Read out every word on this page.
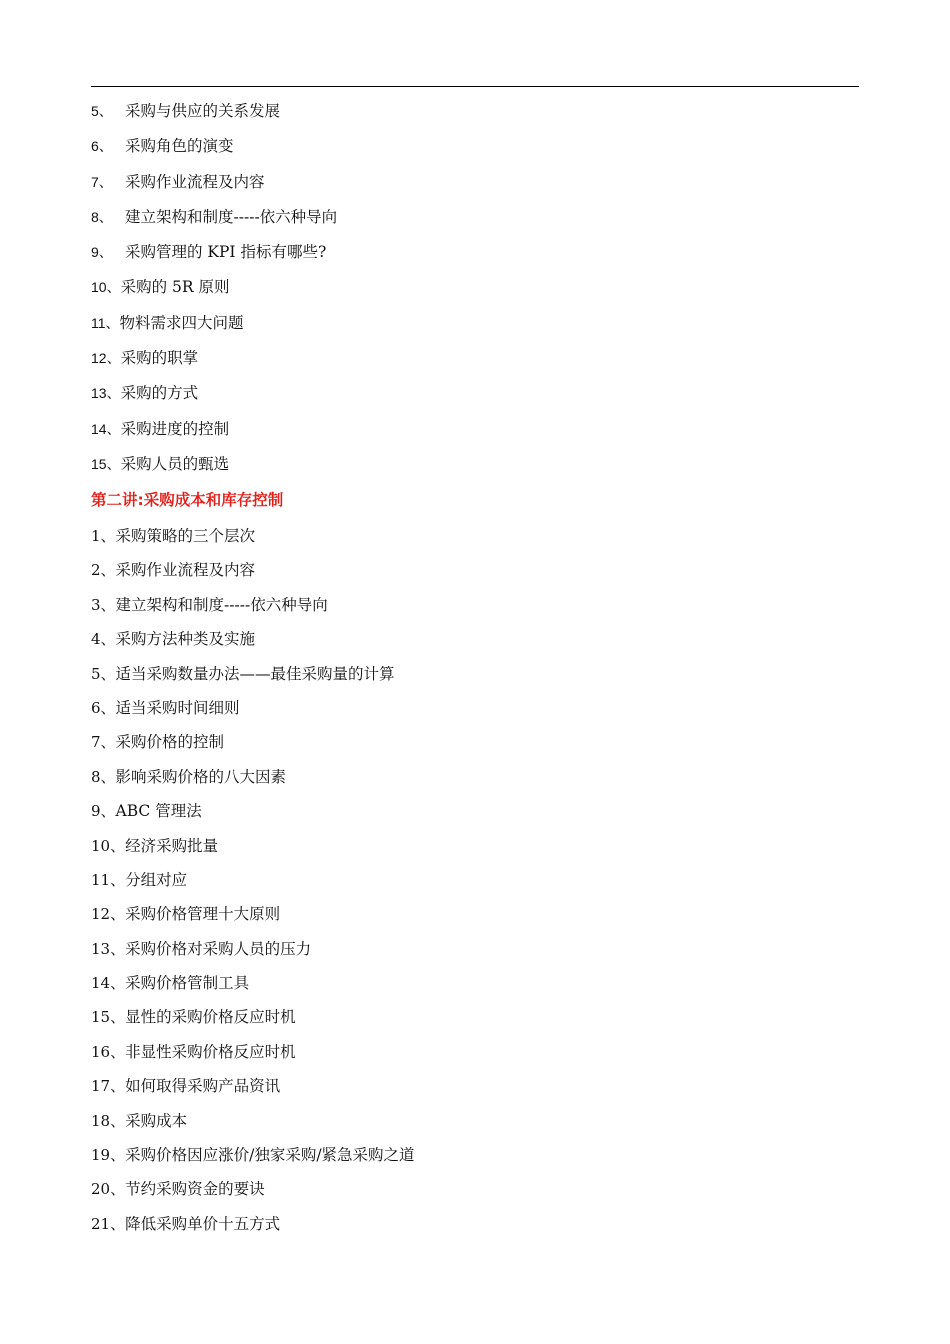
5、 采购与供应的关系发展
6、 采购角色的演变
7、 采购作业流程及内容
8、 建立架构和制度-----依六种导向
9、 采购管理的 KPI 指标有哪些?
10、采购的 5R 原则
11、物料需求四大问题
12、采购的职掌
13、采购的方式
14、采购进度的控制
15、采购人员的甄选
第二讲:采购成本和库存控制
1、采购策略的三个层次
2、采购作业流程及内容
3、建立架构和制度-----依六种导向
4、采购方法种类及实施
5、适当采购数量办法——最佳采购量的计算
6、适当采购时间细则
7、采购价格的控制
8、影响采购价格的八大因素
9、ABC 管理法
10、经济采购批量
11、分组对应
12、采购价格管理十大原则
13、采购价格对采购人员的压力
14、采购价格管制工具
15、显性的采购价格反应时机
16、非显性采购价格反应时机
17、如何取得采购产品资讯
18、采购成本
19、采购价格因应涨价/独家采购/紧急采购之道
20、节约采购资金的要诀
21、降低采购单价十五方式
